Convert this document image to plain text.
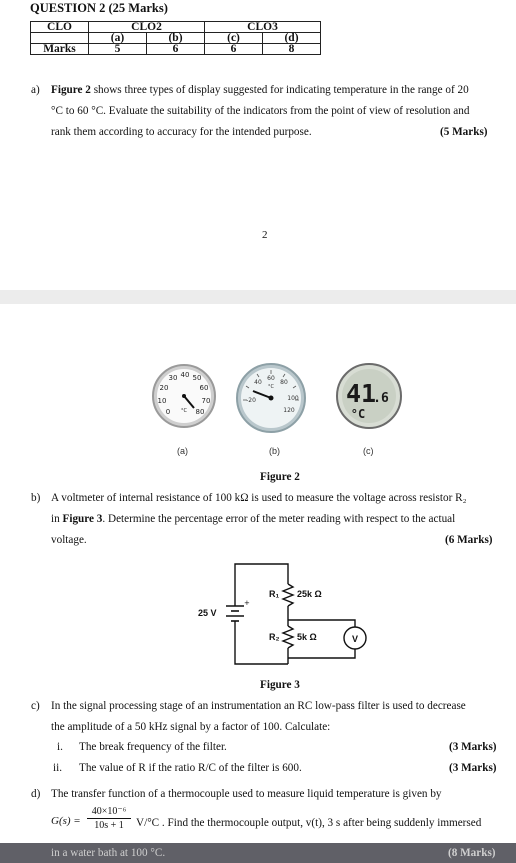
QUESTION 2 (25 Marks)
CLO	CLO2		CLO3	
	(a)	(b)	(c)	(d)
Marks	5	6	6	8
a) Figure 2 shows three types of display suggested for indicating temperature in the range of 20
°C to 60 °C. Evaluate the suitability of the indicators from the point of view of resolution and
rank them according to accuracy for the intended purpose.	(5 Marks)
2
30 40 50
20	60
10	70
0	80
°C
(a)
60
40	80
-20	100
120
°C
(b)
41
.6
°C
(c)
Figure 2
b) A voltmeter of internal resistance of 100 kΩ is used to measure the voltage across resistor R₂
in Figure 3. Determine the percentage error of the meter reading with respect to the actual
voltage.	(6 Marks)
+
25 V
R₁ 25k Ω
R₂ 5k Ω	V
Figure 3
c) In the signal processing stage of an instrumentation an RC low-pass filter is used to decrease
the amplitude of a 50 kHz signal by a factor of 100. Calculate:
i. The break frequency of the filter.	(3 Marks)
ii. The value of R if the ratio R/C of the filter is 600.	(3 Marks)
d) The transfer function of a thermocouple used to measure liquid temperature is given by
$G(s) = \frac{\text{40×10⁻⁶}}{10s + 1} V/^\circ C$ . Find the thermocouple output, v(t), 3 s after being suddenly immersed
in a water bath at 100 °C.	(8 Marks)
